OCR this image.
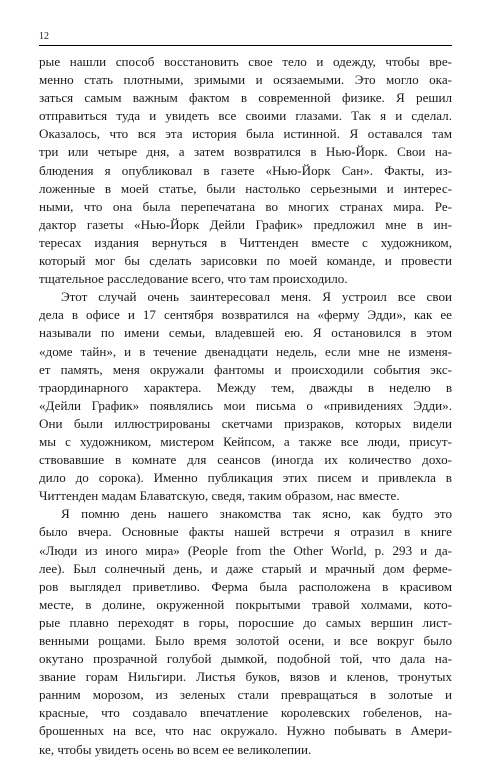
12
рые нашли способ восстановить свое тело и одежду, чтобы вре-
менно стать плотными, зримыми и осязаемыми. Это могло ока-
заться самым важным фактом в современной физике. Я решил
отправиться туда и увидеть все своими глазами. Так я и сделал.
Оказалось, что вся эта история была истинной. Я оставался там
три или четыре дня, а затем возвратился в Нью-Йорк. Свои на-
блюдения я опубликовал в газете «Нью-Йорк Сан». Факты, из-
ложенные в моей статье, были настолько серьезными и интерес-
ными, что она была перепечатана во многих странах мира. Ре-
дактор газеты «Нью-Йорк Дейли График» предложил мне в ин-
тересах издания вернуться в Читтенден вместе с художником,
который мог бы сделать зарисовки по моей команде, и провести
тщательное расследование всего, что там происходило.
Этот случай очень заинтересовал меня. Я устроил все свои
дела в офисе и 17 сентября возвратился на «ферму Эдди», как ее
называли по имени семьи, владевшей ею. Я остановился в этом
«доме тайн», и в течение двенадцати недель, если мне не изменя-
ет память, меня окружали фантомы и происходили события экс-
траординарного характера. Между тем, дважды в неделю в
«Дейли График» появлялись мои письма о «привидениях Эдди».
Они были иллюстрированы скетчами призраков, которых видели
мы с художником, мистером Кейпсом, а также все люди, присут-
ствовавшие в комнате для сеансов (иногда их количество дохо-
дило до сорока). Именно публикация этих писем и привлекла в
Читтенден мадам Блаватскую, сведя, таким образом, нас вместе.
Я помню день нашего знакомства так ясно, как будто это
было вчера. Основные факты нашей встречи я отразил в книге
«Люди из иного мира» (People from the Other World, p. 293 и да-
лее). Был солнечный день, и даже старый и мрачный дом ферме-
ров выглядел приветливо. Ферма была расположена в красивом
месте, в долине, окруженной покрытыми травой холмами, кото-
рые плавно переходят в горы, поросшие до самых вершин лист-
венными рощами. Было время золотой осени, и все вокруг было
окутано прозрачной голубой дымкой, подобной той, что дала на-
звание горам Нильгири. Листья буков, вязов и кленов, тронутых
ранним морозом, из зеленых стали превращаться в золотые и
красные, что создавало впечатление королевских гобеленов, на-
брошенных на все, что нас окружало. Нужно побывать в Амери-
ке, чтобы увидеть осень во всем ее великолепии.
